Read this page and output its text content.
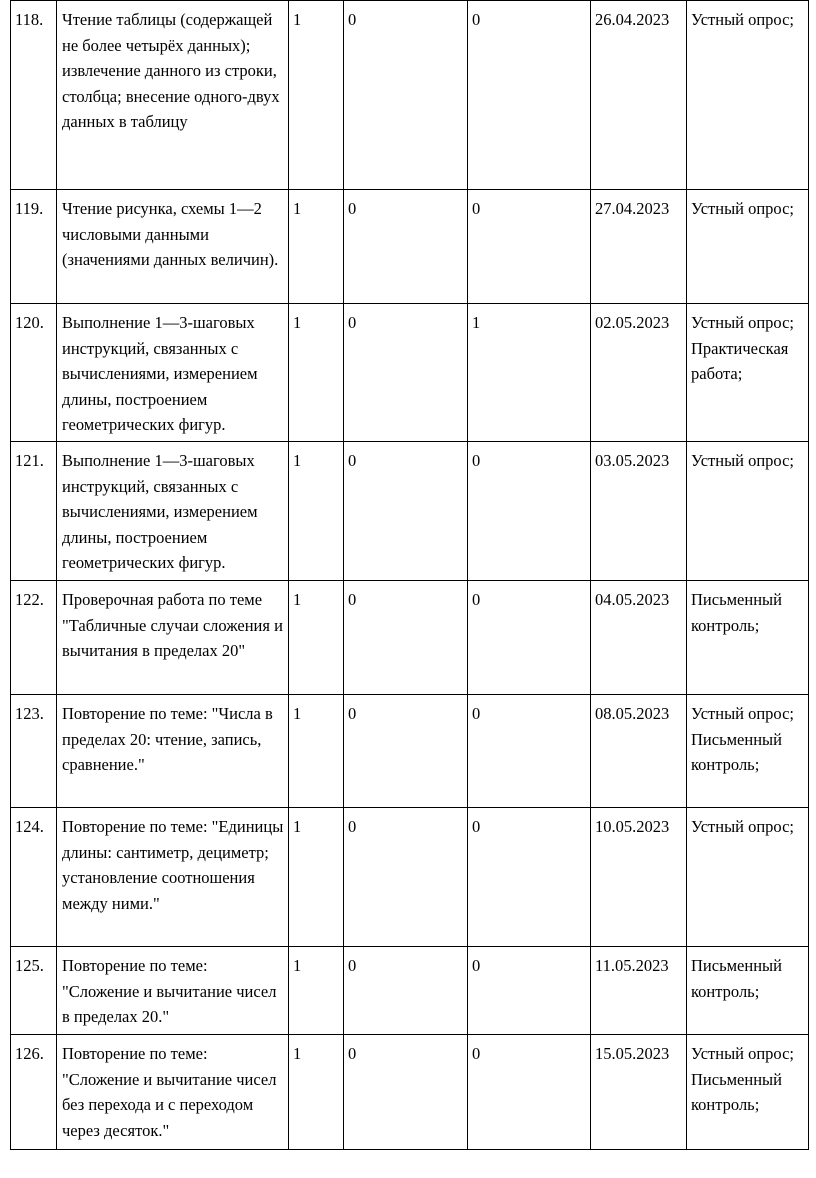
118.	Чтение таблицы (содержащей не более четырёх данных); извлечение данного из строки, столбца; внесение одного-двух данных в таблицу	1	0	0	26.04.2023	Устный опрос;
119.	Чтение рисунка, схемы 1—2 числовыми данными (значениями данных величин).	1	0	0	27.04.2023	Устный опрос;
120.	Выполнение 1—3-шаговых инструкций, связанных с вычислениями, измерением длины, построением геометрических фигур.	1	0	1	02.05.2023	Устный опрос; Практическая работа;
121.	Выполнение 1—3-шаговых инструкций, связанных с вычислениями, измерением длины, построением геометрических фигур.	1	0	0	03.05.2023	Устный опрос;
122.	Проверочная работа по теме "Табличные случаи сложения и вычитания в пределах 20"	1	0	0	04.05.2023	Письменный контроль;
123.	Повторение по теме: "Числа в пределах 20: чтение, запись, сравнение."	1	0	0	08.05.2023	Устный опрос; Письменный контроль;
124.	Повторение по теме: "Единицы длины: сантиметр, дециметр; установление соотношения между ними."	1	0	0	10.05.2023	Устный опрос;
125.	Повторение по теме: "Сложение и вычитание чисел в пределах 20."	1	0	0	11.05.2023	Письменный контроль;
126.	Повторение по теме: "Сложение и вычитание чисел без перехода и с переходом через десяток."	1	0	0	15.05.2023	Устный опрос; Письменный контроль;
